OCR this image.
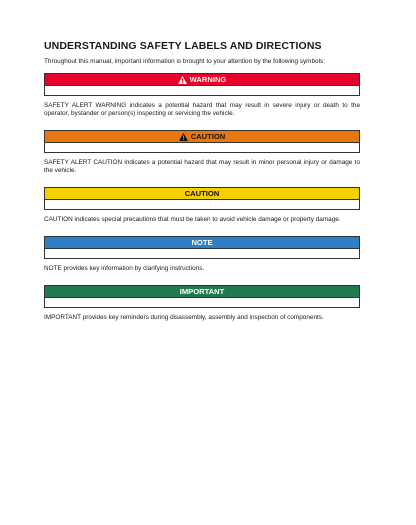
UNDERSTANDING SAFETY LABELS AND DIRECTIONS

Throughout this manual, important information is brought to your attention by the following symbols:

WARNING

SAFETY ALERT WARNING indicates a potential hazard that may result in severe injury or death to the operator, bystander or person(s) inspecting or servicing the vehicle.

CAUTION

SAFETY ALERT CAUTION indicates a potential hazard that may result in minor personal injury or damage to the vehicle.

CAUTION

CAUTION indicates special precautions that must be taken to avoid vehicle damage or property damage.

NOTE

NOTE provides key information by clarifying instructions.

IMPORTANT

IMPORTANT provides key reminders during disassembly, assembly and inspection of components.
